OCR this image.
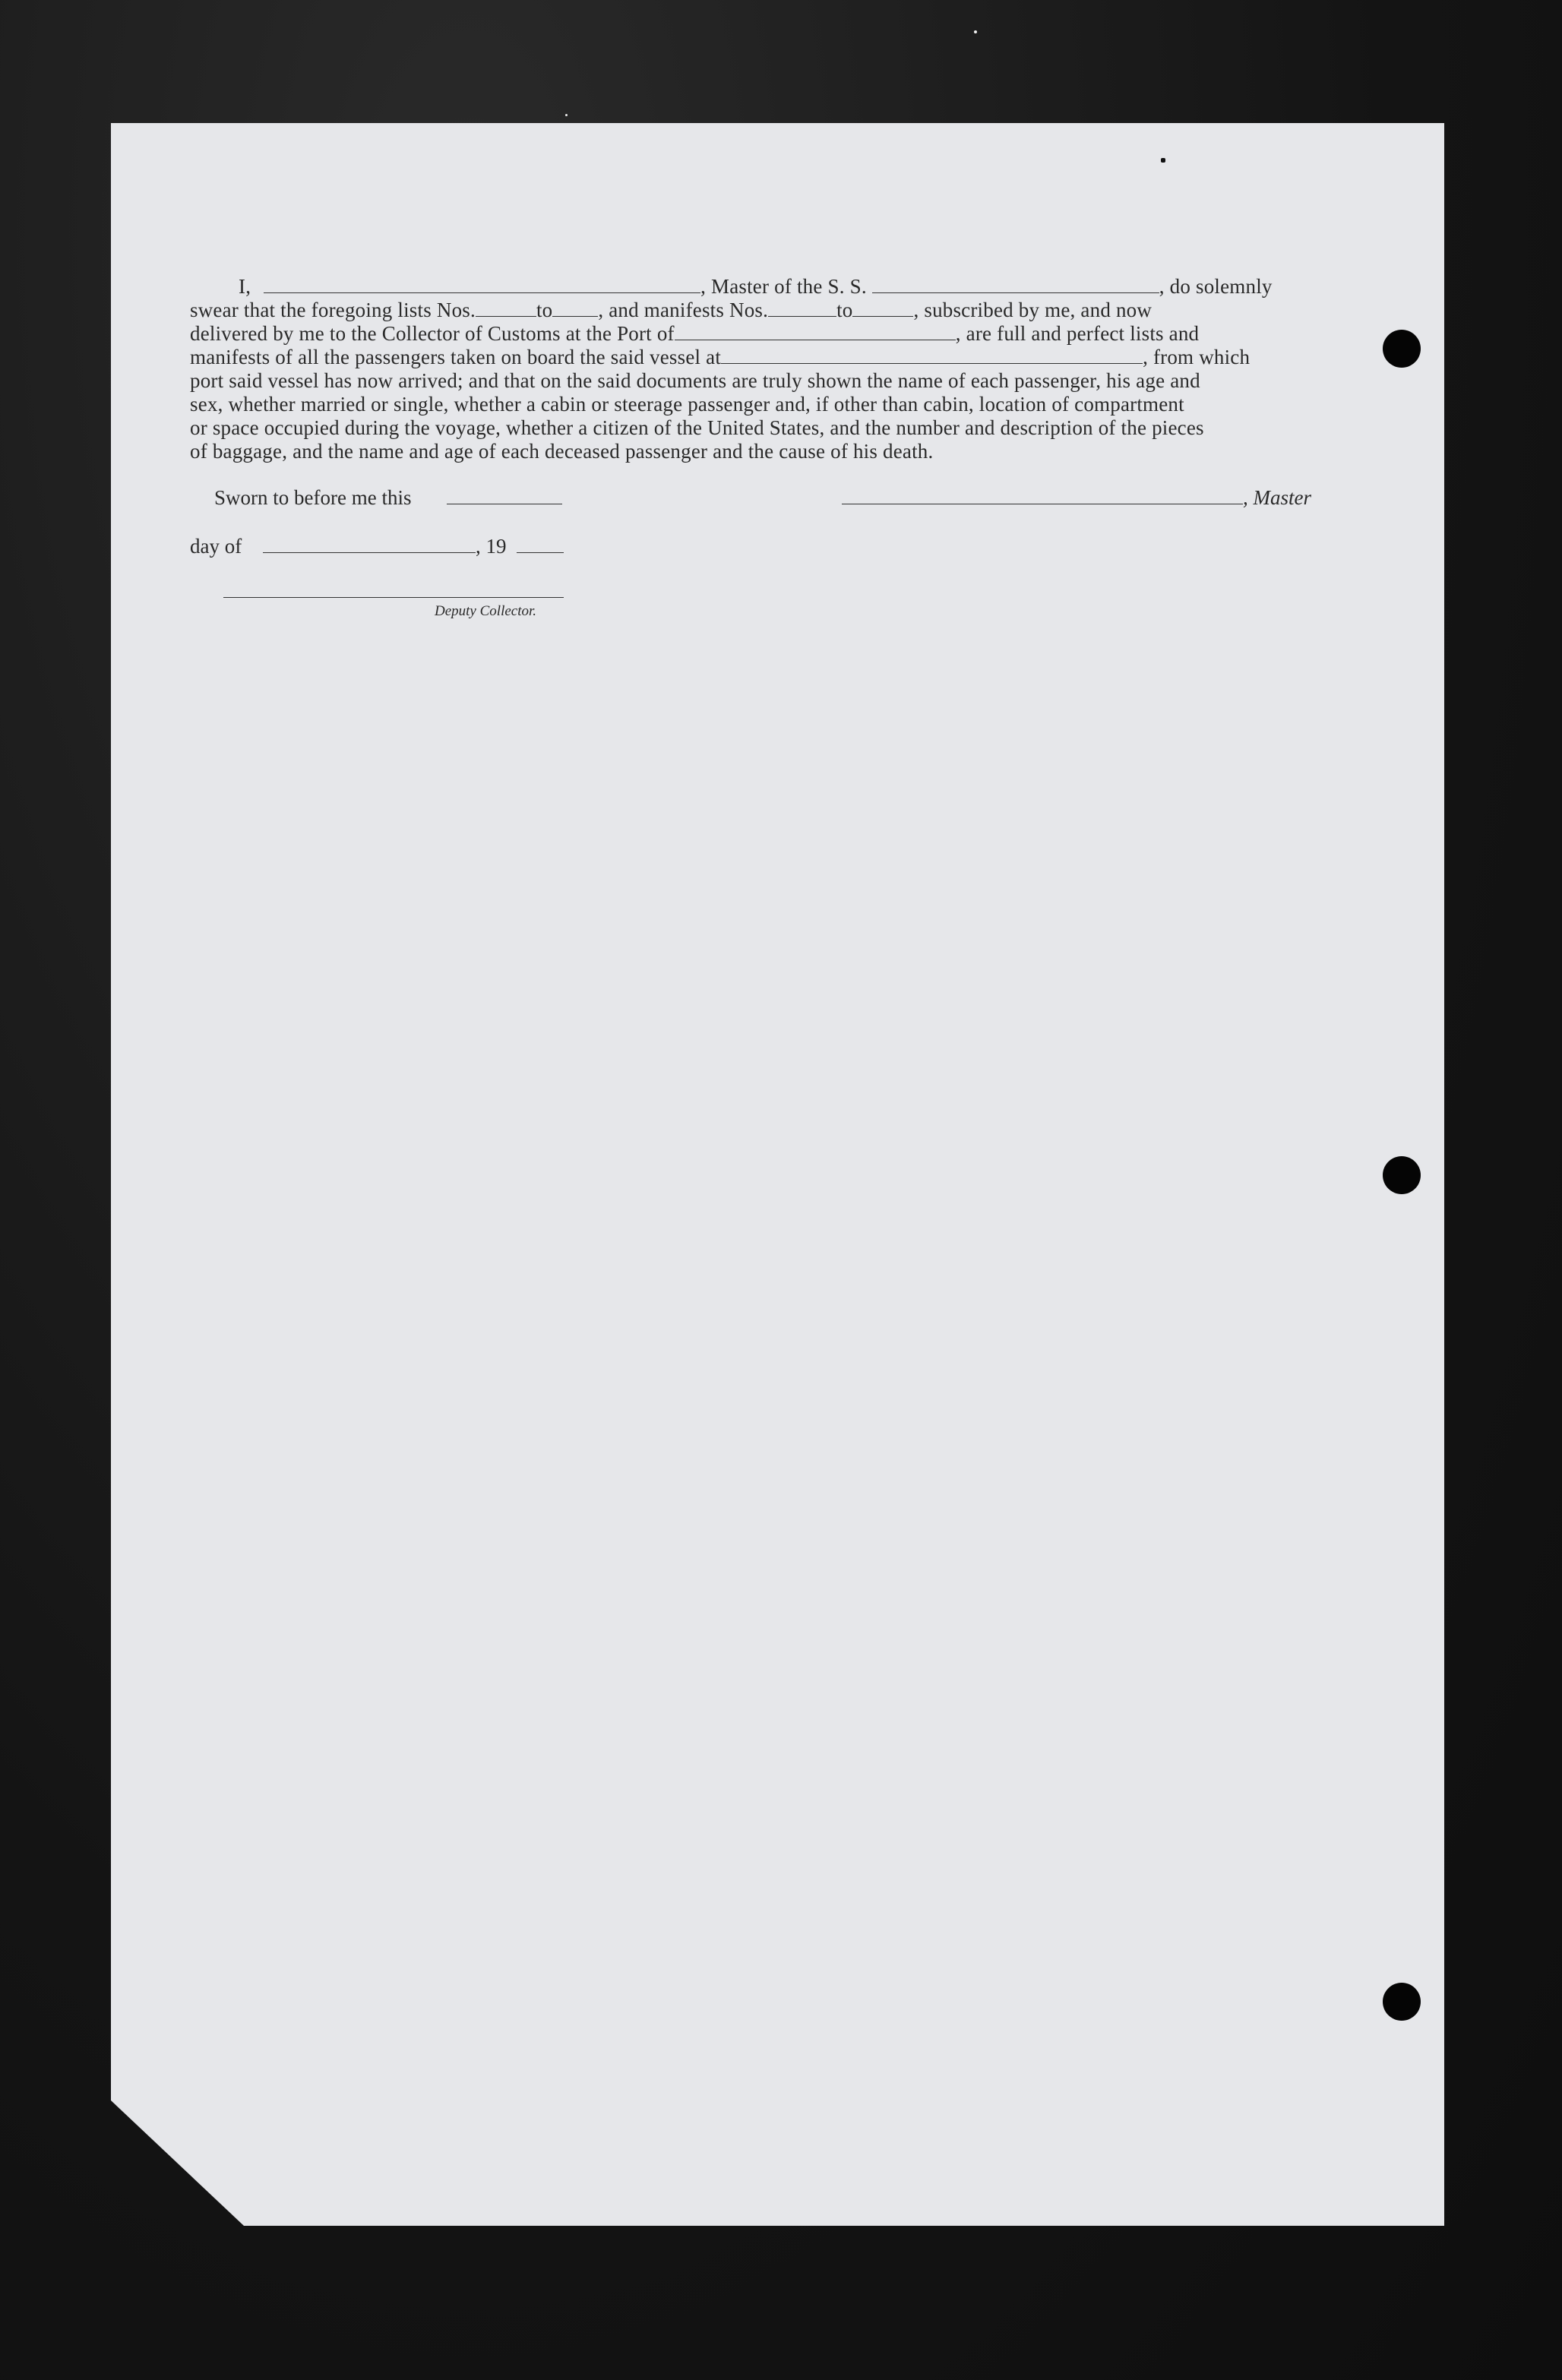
I,	, Master of the S. S.	, do solemnly

swear that the foregoing lists Nos.	to , and manifests Nos.	to	, subscribed by me, and now

delivered by me to the Collector of Customs at the Port of	, are full and perfect lists and

manifests of all the passengers taken on board the said vessel at	, from which

port said vessel has now arrived; and that on the said documents are truly shown the name of each passenger, his age and

sex, whether married or single, whether a cabin or steerage passenger and, if other than cabin, location of compartment

or space occupied during the voyage, whether a citizen of the United States, and the number and description of the pieces

of baggage, and the name and age of each deceased passenger and the cause of his death.

Sworn to before me this	, Master
day of	, 19
Deputy Collector.
